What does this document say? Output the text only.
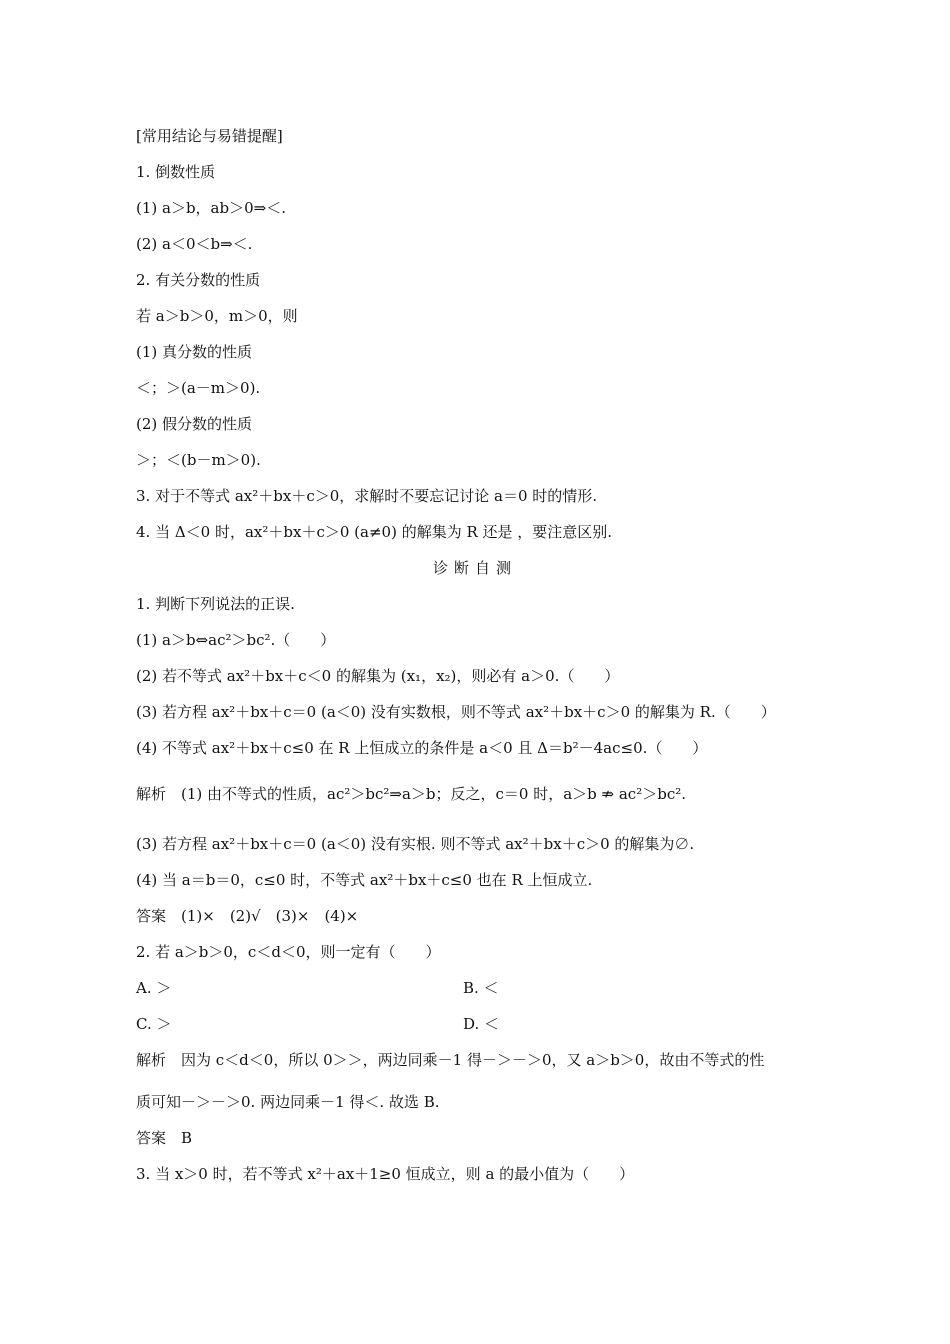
[常用结论与易错提醒]
1. 倒数性质
(1) a＞b，ab＞0⇒＜.
(2) a＜0＜b⇒＜.
2. 有关分数的性质
若 a＞b＞0，m＞0，则
(1) 真分数的性质
＜；＞(a－m＞0).
(2) 假分数的性质
＞；＜(b－m＞0).
3. 对于不等式 ax²＋bx＋c＞0，求解时不要忘记讨论 a＝0 时的情形.
4. 当 Δ＜0 时，ax²＋bx＋c＞0 (a≠0) 的解集为 R 还是 ，要注意区别.
诊断自测
1. 判断下列说法的正误.
(1) a＞b⇔ac²＞bc².（　　）
(2) 若不等式 ax²＋bx＋c＜0 的解集为 (x₁，x₂)，则必有 a＞0.（　　）
(3) 若方程 ax²＋bx＋c＝0 (a＜0) 没有实数根，则不等式 ax²＋bx＋c＞0 的解集为 R.（　　）
(4) 不等式 ax²＋bx＋c≤0 在 R 上恒成立的条件是 a＜0 且 Δ＝b²－4ac≤0.（　　）
解析　(1) 由不等式的性质，ac²＞bc²⇒a＞b；反之，c＝0 时，a＞b ⇏ ac²＞bc².
(3) 若方程 ax²＋bx＋c＝0 (a＜0) 没有实根. 则不等式 ax²＋bx＋c＞0 的解集为∅.
(4) 当 a＝b＝0，c≤0 时，不等式 ax²＋bx＋c≤0 也在 R 上恒成立.
答案　(1)×　(2)√　(3)×　(4)×
2. 若 a＞b＞0，c＜d＜0，则一定有（　　）
A. ＞	B. ＜
C. ＞	D. ＜
解析　因为 c＜d＜0，所以 0＞＞，两边同乘－1 得－＞－＞0，又 a＞b＞0，故由不等式的性
质可知－＞－＞0. 两边同乘－1 得＜. 故选 B.
答案　B
3. 当 x＞0 时，若不等式 x²＋ax＋1≥0 恒成立，则 a 的最小值为（　　）
